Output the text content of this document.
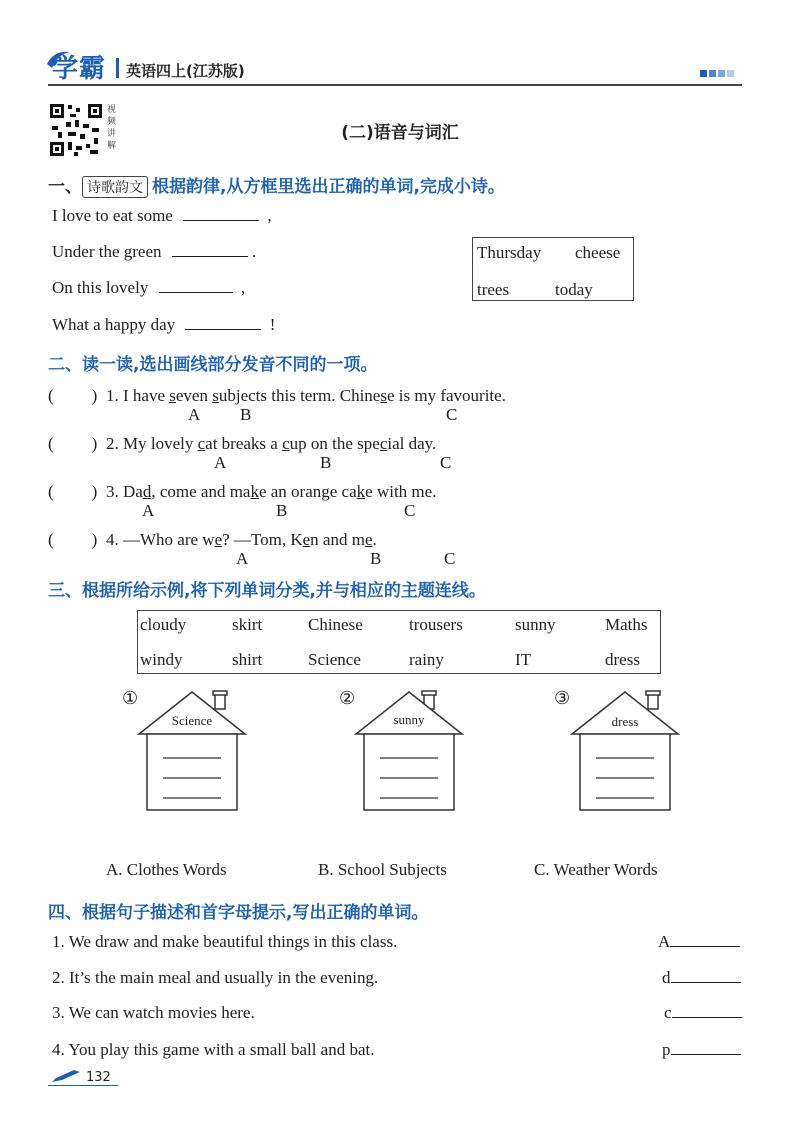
学霸 英语四上(江苏版)
视频讲解
(二)语音与词汇
一、 诗歌韵文 根据韵律,从方框里选出正确的单词,完成小诗。
I love to eat some	,
Under the green	.
On this lovely	,
What a happy day	!
Thursday cheese
trees	today
二、读一读,选出画线部分发音不同的一项。
( ) 1. I have seven subjects this term. Chinese is my favourite.
A B	C
( ) 2. My lovely cat breaks a cup on the special day.
A	B	C
( ) 3. Dad, come and make an orange cake with me.
A	B	C
( ) 4. —Who are we? —Tom, Ken and me.
A	B	C
三、根据所给示例,将下列单词分类,并与相应的主题连线。
cloudy	skirt	Chinese	trousers	sunny	Maths
windy	shirt	Science	rainy	IT	dress
①
Science
②
sunny
③
dress
A. Clothes Words	B. School Subjects	C. Weather Words
四、根据句子描述和首字母提示,写出正确的单词。
1. We draw and make beautiful things in this class.	A
2. It’s the main meal and usually in the evening.	d
3. We can watch movies here.	c
4. You play this game with a small ball and bat.	p
132
